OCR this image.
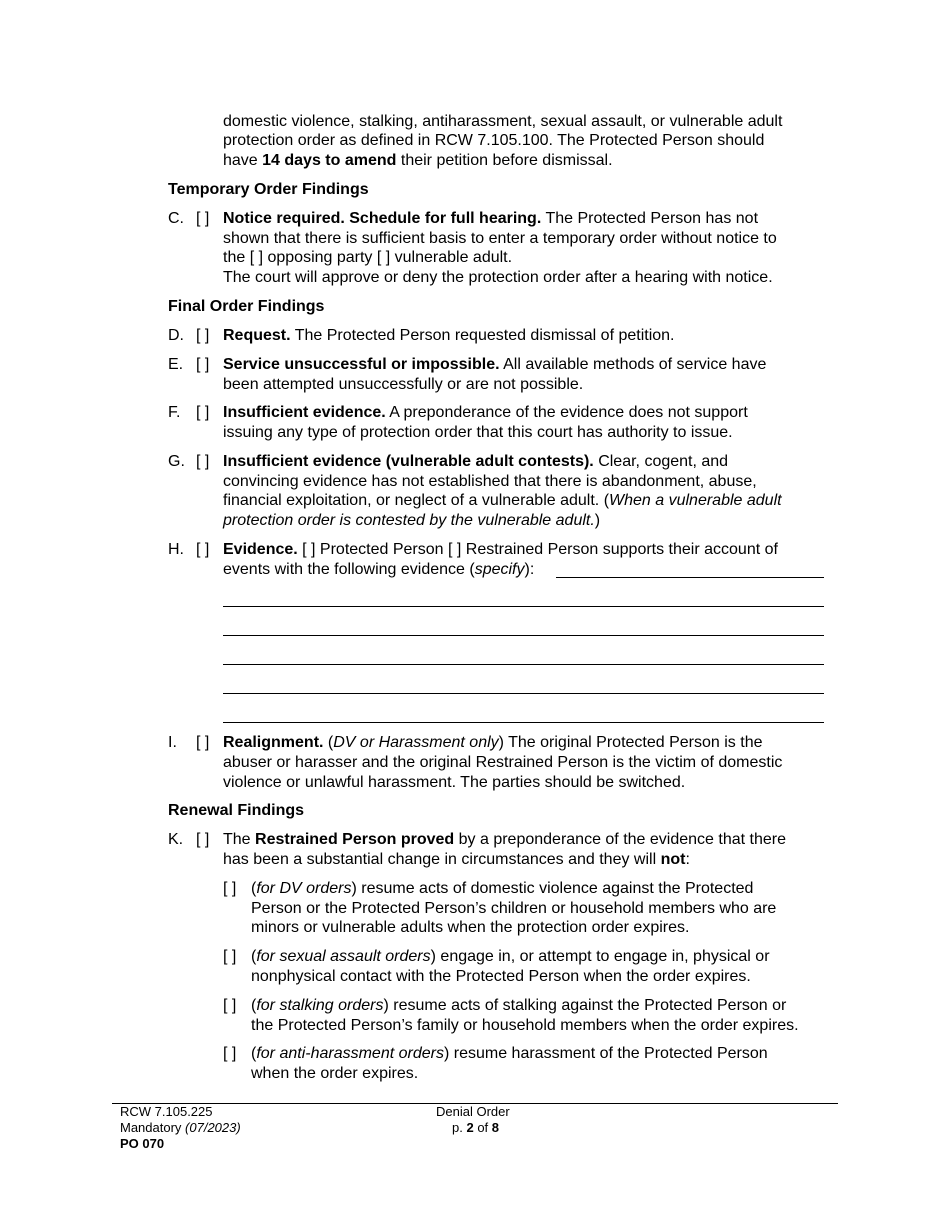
domestic violence, stalking, antiharassment, sexual assault, or vulnerable adult
protection order as defined in RCW 7.105.100. The Protected Person should
have 14 days to amend their petition before dismissal.
Temporary Order Findings
C. [ ] Notice required. Schedule for full hearing. The Protected Person has not
shown that there is sufficient basis to enter a temporary order without notice to
the [ ] opposing party [ ] vulnerable adult.
The court will approve or deny the protection order after a hearing with notice.
Final Order Findings
D. [ ] Request. The Protected Person requested dismissal of petition.
E. [ ] Service unsuccessful or impossible. All available methods of service have
been attempted unsuccessfully or are not possible.
F. [ ] Insufficient evidence. A preponderance of the evidence does not support
issuing any type of protection order that this court has authority to issue.
G. [ ] Insufficient evidence (vulnerable adult contests). Clear, cogent, and
convincing evidence has not established that there is abandonment, abuse,
financial exploitation, or neglect of a vulnerable adult. (When a vulnerable adult
protection order is contested by the vulnerable adult.)
H. [ ] Evidence. [ ] Protected Person [ ] Restrained Person supports their account of
events with the following evidence (specify):
I. [ ] Realignment. (DV or Harassment only) The original Protected Person is the
abuser or harasser and the original Restrained Person is the victim of domestic
violence or unlawful harassment. The parties should be switched.
Renewal Findings
K. [ ] The Restrained Person proved by a preponderance of the evidence that there
has been a substantial change in circumstances and they will not:
[ ] (for DV orders) resume acts of domestic violence against the Protected
Person or the Protected Person’s children or household members who are
minors or vulnerable adults when the protection order expires.
[ ] (for sexual assault orders) engage in, or attempt to engage in, physical or
nonphysical contact with the Protected Person when the order expires.
[ ] (for stalking orders) resume acts of stalking against the Protected Person or
the Protected Person’s family or household members when the order expires.
[ ] (for anti-harassment orders) resume harassment of the Protected Person
when the order expires.
RCW 7.105.225
Mandatory (07/2023)
PO 070
Denial Order
p. 2 of 8
